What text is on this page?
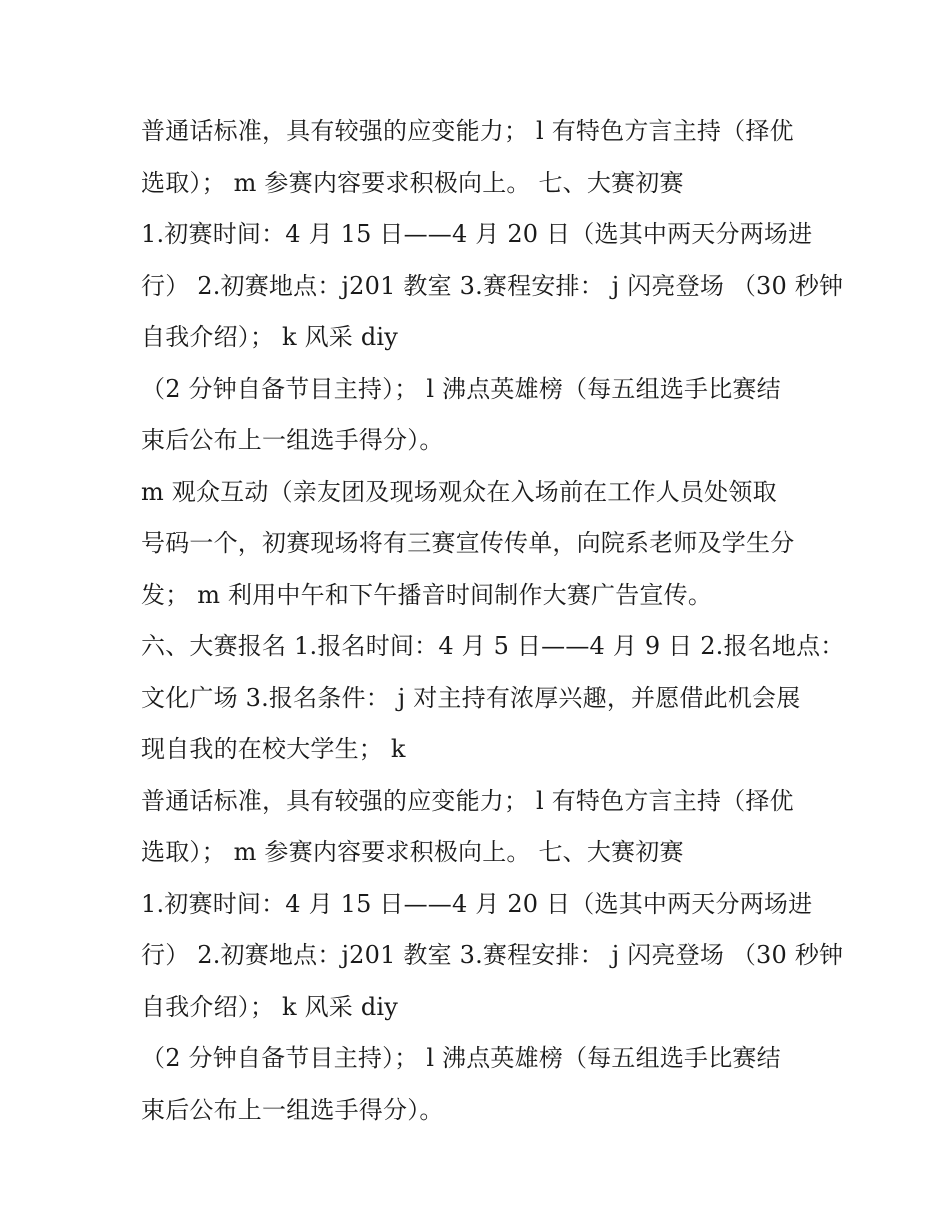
普通话标准，具有较强的应变能力； l 有特色方言主持（择优
选取）； m 参赛内容要求积极向上。 七、大赛初赛
1.初赛时间：4 月 15 日——4 月 20 日（选其中两天分两场进
行） 2.初赛地点：j201 教室 3.赛程安排： j 闪亮登场 （30 秒钟
自我介绍）； k 风采 diy
（2 分钟自备节目主持）； l 沸点英雄榜（每五组选手比赛结
束后公布上一组选手得分）。
m 观众互动（亲友团及现场观众在入场前在工作人员处领取
号码一个，初赛现场将有三赛宣传传单，向院系老师及学生分
发； m 利用中午和下午播音时间制作大赛广告宣传。
六、大赛报名 1.报名时间：4 月 5 日——4 月 9 日 2.报名地点：
文化广场 3.报名条件： j 对主持有浓厚兴趣，并愿借此机会展
现自我的在校大学生； k
普通话标准，具有较强的应变能力； l 有特色方言主持（择优
选取）； m 参赛内容要求积极向上。 七、大赛初赛
1.初赛时间：4 月 15 日——4 月 20 日（选其中两天分两场进
行） 2.初赛地点：j201 教室 3.赛程安排： j 闪亮登场 （30 秒钟
自我介绍）； k 风采 diy
（2 分钟自备节目主持）； l 沸点英雄榜（每五组选手比赛结
束后公布上一组选手得分）。
